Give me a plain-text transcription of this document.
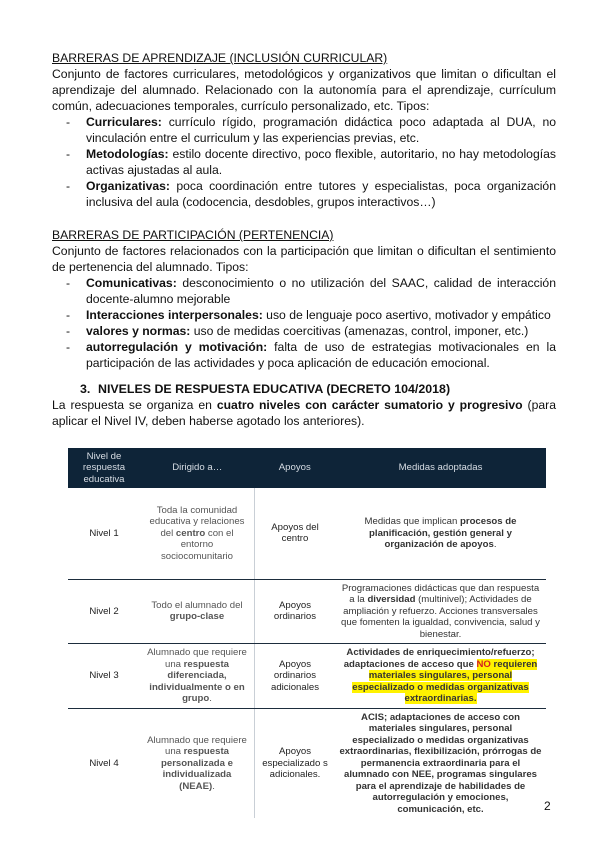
BARRERAS DE APRENDIZAJE (INCLUSIÓN CURRICULAR)

Conjunto de factores curriculares, metodológicos y organizativos que limitan o dificultan el aprendizaje del alumnado. Relacionado con la autonomía para el aprendizaje, currículum común, adecuaciones temporales, currículo personalizado, etc. Tipos:

- Curriculares: currículo rígido, programación didáctica poco adaptada al DUA, no vinculación entre el curriculum y las experiencias previas, etc.
- Metodologías: estilo docente directivo, poco flexible, autoritario, no hay metodologías activas ajustadas al aula.
- Organizativas: poca coordinación entre tutores y especialistas, poca organización inclusiva del aula (codocencia, desdobles, grupos interactivos…)

BARRERAS DE PARTICIPACIÓN (PERTENENCIA)

Conjunto de factores relacionados con la participación que limitan o dificultan el sentimiento de pertenencia del alumnado. Tipos:

- Comunicativas: desconocimiento o no utilización del SAAC, calidad de interacción docente-alumno mejorable
- Interacciones interpersonales: uso de lenguaje poco asertivo, motivador y empático
- valores y normas: uso de medidas coercitivas (amenazas, control, imponer, etc.)
- autorregulación y motivación: falta de uso de estrategias motivacionales en la participación de las actividades y poca aplicación de educación emocional.

3. NIVELES DE RESPUESTA EDUCATIVA (DECRETO 104/2018)

La respuesta se organiza en cuatro niveles con carácter sumatorio y progresivo (para aplicar el Nivel IV, deben haberse agotado los anteriores).

Nivel de respuesta educativa	Dirigido a…	Apoyos	Medidas adoptadas
Nivel 1	Toda la comunidad educativa y relaciones del centro con el entorno sociocomunitario	Apoyos del centro	Medidas que implican procesos de planificación, gestión general y organización de apoyos.
Nivel 2	Todo el alumnado del grupo-clase	Apoyos ordinarios	Programaciones didácticas que dan respuesta a la diversidad (multinivel); Actividades de ampliación y refuerzo. Acciones transversales que fomenten la igualdad, convivencia, salud y bienestar.
Nivel 3	Alumnado que requiere una respuesta diferenciada, individualmente o en grupo.	Apoyos ordinarios adicionales	Actividades de enriquecimiento/refuerzo; adaptaciones de acceso que NO requieren materiales singulares, personal especializado o medidas organizativas extraordinarias.
Nivel 4	Alumnado que requiere una respuesta personalizada e individualizada (NEAE).	Apoyos especializado s adicionales.	ACIS; adaptaciones de acceso con materiales singulares, personal especializado o medidas organizativas extraordinarias, flexibilización, prórrogas de permanencia extraordinaria para el alumnado con NEE, programas singulares para el aprendizaje de habilidades de autorregulación y emociones, comunicación, etc.	2
